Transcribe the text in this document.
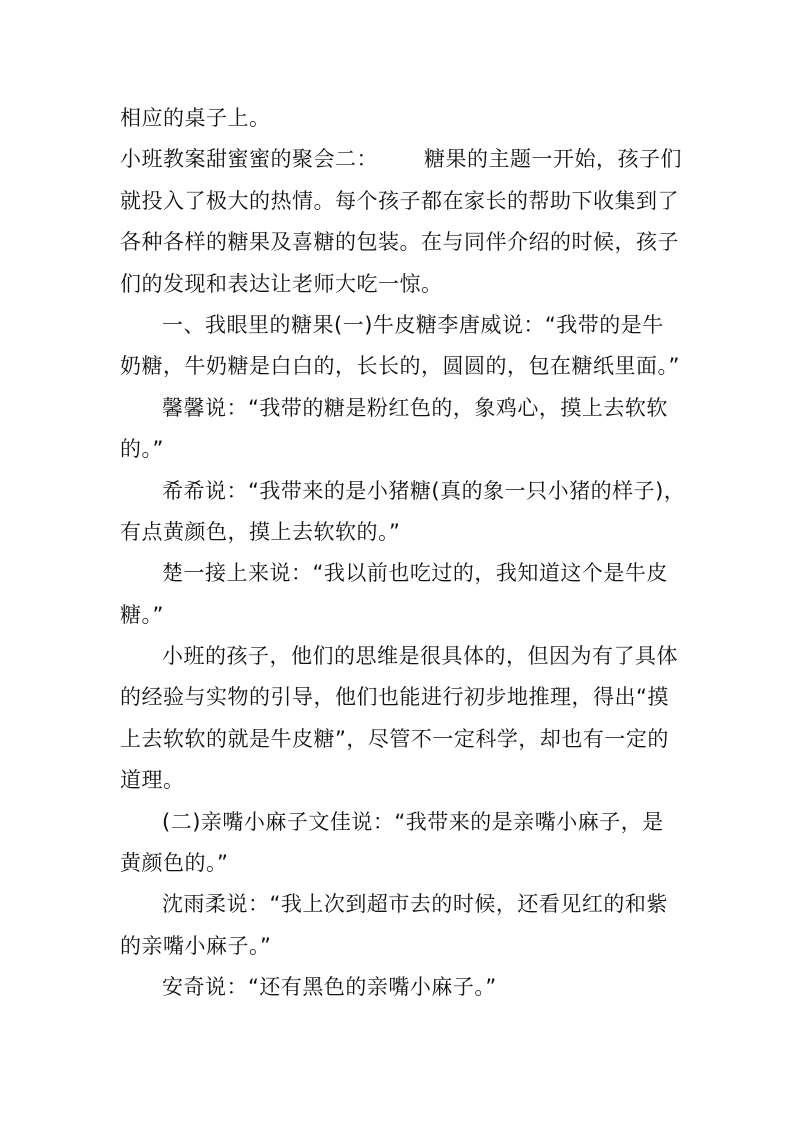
相应的桌子上。
小班教案甜蜜蜜的聚会二： 糖果的主题一开始，孩子们
就投入了极大的热情。每个孩子都在家长的帮助下收集到了
各种各样的糖果及喜糖的包装。在与同伴介绍的时候，孩子
们的发现和表达让老师大吃一惊。
一、我眼里的糖果(一)牛皮糖李唐威说：“我带的是牛
奶糖，牛奶糖是白白的，长长的，圆圆的，包在糖纸里面。”
馨馨说：“我带的糖是粉红色的，象鸡心，摸上去软软
的。”
希希说：“我带来的是小猪糖(真的象一只小猪的样子)，
有点黄颜色，摸上去软软的。”
楚一接上来说：“我以前也吃过的，我知道这个是牛皮
糖。”
小班的孩子，他们的思维是很具体的，但因为有了具体
的经验与实物的引导，他们也能进行初步地推理，得出“摸
上去软软的就是牛皮糖”，尽管不一定科学，却也有一定的
道理。
(二)亲嘴小麻子文佳说：“我带来的是亲嘴小麻子，是
黄颜色的。”
沈雨柔说：“我上次到超市去的时候，还看见红的和紫
的亲嘴小麻子。”
安奇说：“还有黑色的亲嘴小麻子。”
